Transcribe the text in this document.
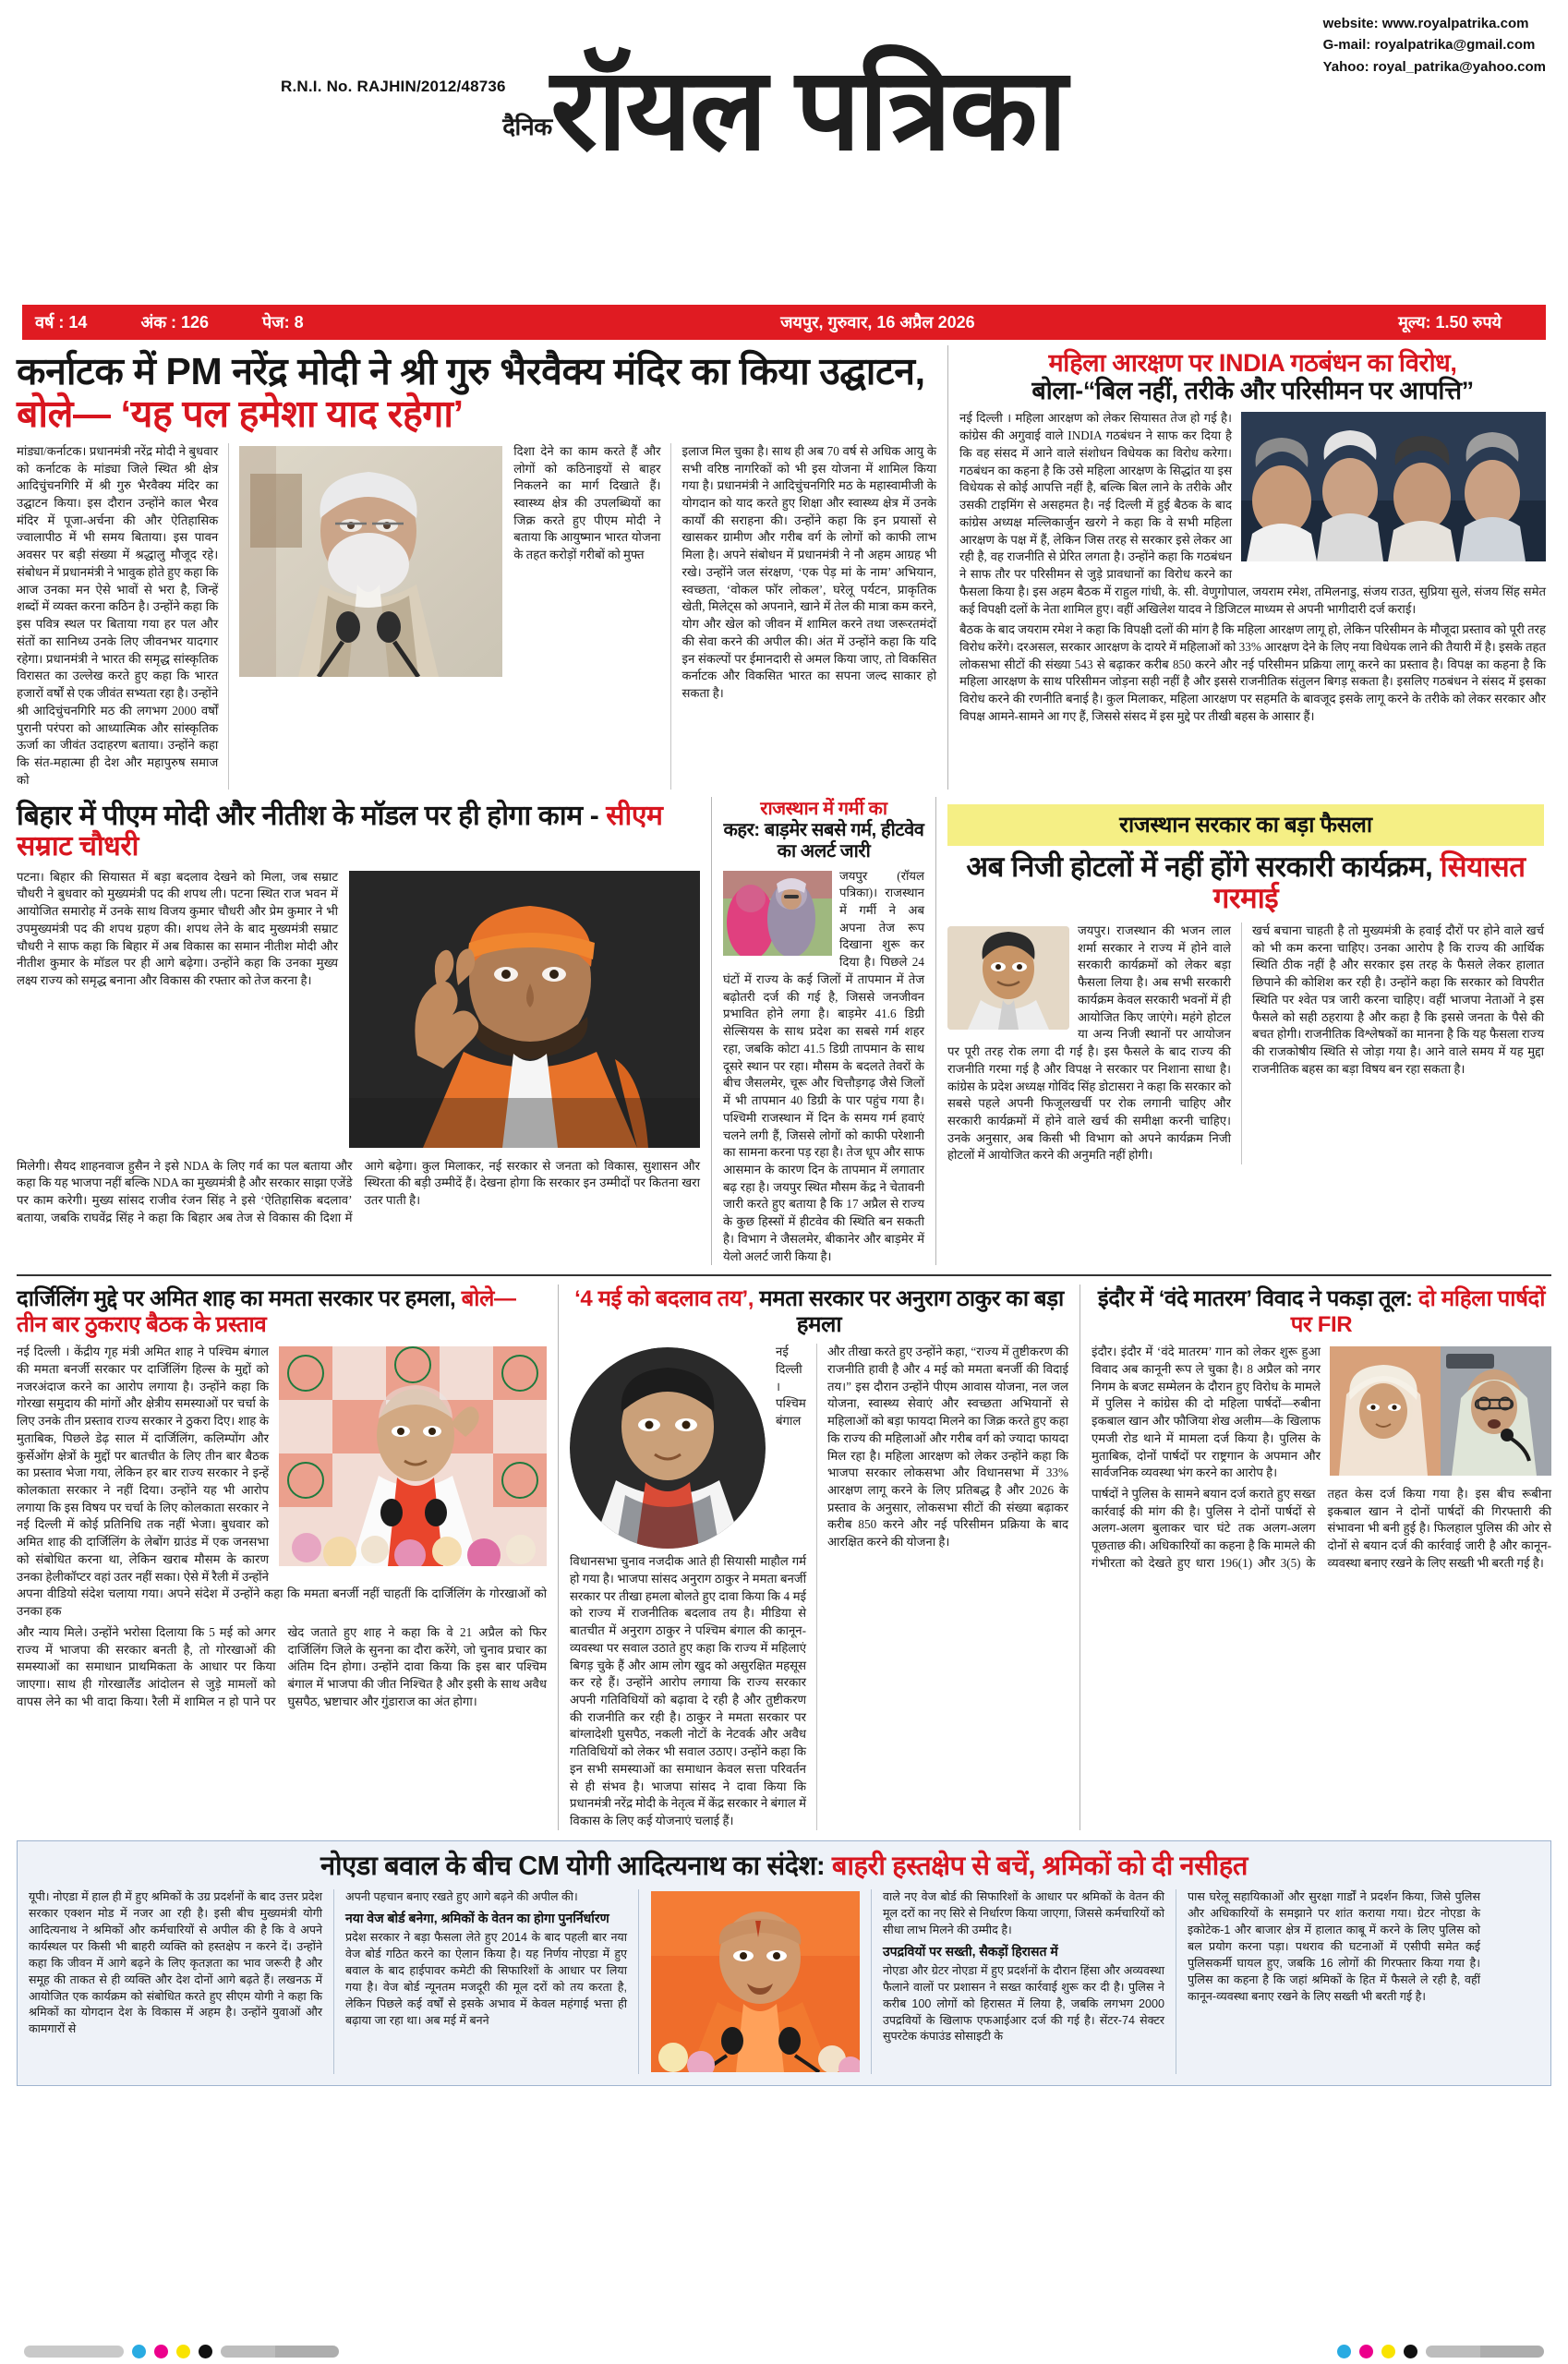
website: www.royalpatrika.com
G-mail: royalpatrika@gmail.com
Yahoo: royal_patrika@yahoo.com
R.N.I. No. RAJHIN/2012/48736
दैनिक रॉयल पत्रिका
वर्ष : 14	अंक : 126	पेज: 8	जयपुर, गुरुवार, 16 अप्रैल 2026	मूल्य: 1.50 रुपये
कर्नाटक में PM नरेंद्र मोदी ने श्री गुरु भैरवैक्य मंदिर का किया उद्घाटन, बोले— ‘यह पल हमेशा याद रहेगा’
मांड्या/कर्नाटक। प्रधानमंत्री नरेंद्र मोदी ने बुधवार को कर्नाटक के मांड्या जिले स्थित श्री क्षेत्र आदिचुंचनगिरि में श्री गुरु भैरवैक्य मंदिर का उद्घाटन किया। इस दौरान उन्होंने काल भैरव मंदिर में पूजा-अर्चना की और ऐतिहासिक ज्वालापीठ में भी समय बिताया। इस पावन अवसर पर बड़ी संख्या में श्रद्धालु मौजूद रहे। संबोधन में प्रधानमंत्री ने भावुक होते हुए कहा कि आज उनका मन ऐसे भावों से भरा है, जिन्हें शब्दों में व्यक्त करना कठिन है। उन्होंने कहा कि इस पवित्र स्थल पर बिताया गया हर पल और संतों का सानिध्य उनके लिए जीवनभर यादगार रहेगा। प्रधानमंत्री ने भारत की समृद्ध सांस्कृतिक विरासत का उल्लेख करते हुए कहा कि भारत हजारों वर्षों से एक जीवंत सभ्यता रहा है। उन्होंने श्री आदिचुंचनगिरि मठ की लगभग 2000 वर्षों पुरानी परंपरा को आध्यात्मिक और सांस्कृतिक ऊर्जा का जीवंत उदाहरण बताया। उन्होंने कहा कि संत-महात्मा ही देश और महापुरुष समाज को
दिशा देने का काम करते हैं और लोगों को कठिनाइयों से बाहर निकलने का मार्ग दिखाते हैं। स्वास्थ्य क्षेत्र की उपलब्धियों का जिक्र करते हुए पीएम मोदी ने बताया कि आयुष्मान भारत योजना के तहत करोड़ों गरीबों को मुफ्त
इलाज मिल चुका है। साथ ही अब 70 वर्ष से अधिक आयु के सभी वरिष्ठ नागरिकों को भी इस योजना में शामिल किया गया है। प्रधानमंत्री ने आदिचुंचनगिरि मठ के महास्वामीजी के योगदान को याद करते हुए शिक्षा और स्वास्थ्य क्षेत्र में उनके कार्यों की सराहना की। उन्होंने कहा कि इन प्रयासों से खासकर ग्रामीण और गरीब वर्ग के लोगों को काफी लाभ मिला है। अपने संबोधन में प्रधानमंत्री ने नौ अहम आग्रह भी रखे। उन्होंने जल संरक्षण, ‘एक पेड़ मां के नाम’ अभियान, स्वच्छता, ‘वोकल फॉर लोकल’, घरेलू पर्यटन, प्राकृतिक खेती, मिलेट्स को अपनाने, खाने में तेल की मात्रा कम करने, योग और खेल को जीवन में शामिल करने तथा जरूरतमंदों की सेवा करने की अपील की। अंत में उन्होंने कहा कि यदि इन संकल्पों पर ईमानदारी से अमल किया जाए, तो विकसित कर्नाटक और विकसित भारत का सपना जल्द साकार हो सकता है।
महिला आरक्षण पर INDIA गठबंधन का विरोध,
बोला-“बिल नहीं, तरीके और परिसीमन पर आपत्ति”
नई दिल्ली । महिला आरक्षण को लेकर सियासत तेज हो गई है। कांग्रेस की अगुवाई वाले INDIA गठबंधन ने साफ कर दिया है कि वह संसद में आने वाले संशोधन विधेयक का विरोध करेगा। गठबंधन का कहना है कि उसे महिला आरक्षण के सिद्धांत या इस विधेयक से कोई आपत्ति नहीं है, बल्कि बिल लाने के तरीके और उसकी टाइमिंग से असहमत है। नई दिल्ली में हुई बैठक के बाद कांग्रेस अध्यक्ष मल्लिकार्जुन खरगे ने कहा कि वे सभी महिला आरक्षण के पक्ष में हैं, लेकिन जिस तरह से सरकार इसे लेकर आ रही है, वह राजनीति से प्रेरित लगता है। उन्होंने कहा कि गठबंधन ने साफ तौर पर परिसीमन से जुड़े प्रावधानों का विरोध करने का फैसला किया है। इस अहम बैठक में राहुल गांधी, के. सी. वेणुगोपाल, जयराम रमेश, तमिलनाडु, संजय राउत, सुप्रिया सुले, संजय सिंह समेत कई विपक्षी दलों के नेता शामिल हुए। वहीं अखिलेश यादव ने डिजिटल माध्यम से अपनी भागीदारी दर्ज कराई।
बैठक के बाद जयराम रमेश ने कहा कि विपक्षी दलों की मांग है कि महिला आरक्षण लागू हो, लेकिन परिसीमन के मौजूदा प्रस्ताव को पूरी तरह विरोध करेंगे। दरअसल, सरकार आरक्षण के दायरे में महिलाओं को 33% आरक्षण देने के लिए नया विधेयक लाने की तैयारी में है। इसके तहत लोकसभा सीटों की संख्या 543 से बढ़ाकर करीब 850 करने और नई परिसीमन प्रक्रिया लागू करने का प्रस्ताव है। विपक्ष का कहना है कि महिला आरक्षण के साथ परिसीमन जोड़ना सही नहीं है और इससे राजनीतिक संतुलन बिगड़ सकता है। इसलिए गठबंधन ने संसद में इसका विरोध करने की रणनीति बनाई है। कुल मिलाकर, महिला आरक्षण पर सहमति के बावजूद इसके लागू करने के तरीके को लेकर सरकार और विपक्ष आमने-सामने आ गए हैं, जिससे संसद में इस मुद्दे पर तीखी बहस के आसार हैं।
बिहार में पीएम मोदी और नीतीश के मॉडल पर ही होगा काम - सीएम सम्राट चौधरी
पटना। बिहार की सियासत में बड़ा बदलाव देखने को मिला, जब सम्राट चौधरी ने बुधवार को मुख्यमंत्री पद की शपथ ली। पटना स्थित राज भवन में आयोजित समारोह में उनके साथ विजय कुमार चौधरी और प्रेम कुमार ने भी उपमुख्यमंत्री पद की शपथ ग्रहण की। शपथ लेने के बाद मुख्यमंत्री सम्राट चौधरी ने साफ कहा कि बिहार में अब विकास का समान नीतीश मोदी और नीतीश कुमार के मॉडल पर ही आगे बढ़ेगा। उन्होंने कहा कि उनका मुख्य लक्ष्य राज्य को समृद्ध बनाना और विकास की रफ्तार को तेज करना है।
मिलेगी। सैयद शाहनवाज हुसैन ने इसे NDA के लिए गर्व का पल बताया और कहा कि यह भाजपा नहीं बल्कि NDA का मुख्यमंत्री है और सरकार साझा एजेंडे पर काम करेगी। मुख्य सांसद राजीव रंजन सिंह ने इसे ‘ऐतिहासिक बदलाव’ बताया, जबकि राघवेंद्र सिंह ने कहा कि बिहार अब तेज से विकास की दिशा में आगे बढ़ेगा। कुल मिलाकर, नई सरकार से जनता को विकास, सुशासन और स्थिरता की बड़ी उम्मीदें हैं। देखना होगा कि सरकार इन उम्मीदों पर कितना खरा उतर पाती है।
राजस्थान में गर्मी का
कहर: बाड़मेर सबसे गर्म, हीटवेव का अलर्ट जारी
जयपुर (रॉयल पत्रिका)। राजस्थान में गर्मी ने अब अपना तेज रूप दिखाना शुरू कर दिया है। पिछले 24 घंटों में राज्य के कई जिलों में तापमान में तेज बढ़ोतरी दर्ज की गई है, जिससे जनजीवन प्रभावित होने लगा है। बाड़मेर 41.6 डिग्री सेल्सियस के साथ प्रदेश का सबसे गर्म शहर रहा, जबकि कोटा 41.5 डिग्री तापमान के साथ दूसरे स्थान पर रहा। मौसम के बदलते तेवरों के बीच जैसलमेर, चूरू और चित्तौड़गढ़ जैसे जिलों में भी तापमान 40 डिग्री के पार पहुंच गया है। पश्चिमी राजस्थान में दिन के समय गर्म हवाएं चलने लगी हैं, जिससे लोगों को काफी परेशानी का सामना करना पड़ रहा है। तेज धूप और साफ आसमान के कारण दिन के तापमान में लगातार बढ़ रहा है। जयपुर स्थित मौसम केंद्र ने चेतावनी जारी करते हुए बताया है कि 17 अप्रैल से राज्य के कुछ हिस्सों में हीटवेव की स्थिति बन सकती है। विभाग ने जैसलमेर, बीकानेर और बाड़मेर में येलो अलर्ट जारी किया है।
राजस्थान सरकार का बड़ा फैसला
अब निजी होटलों में नहीं होंगे सरकारी कार्यक्रम, सियासत गरमाई
जयपुर। राजस्थान की भजन लाल शर्मा सरकार ने राज्य में होने वाले सरकारी कार्यक्रमों को लेकर बड़ा फैसला लिया है। अब सभी सरकारी कार्यक्रम केवल सरकारी भवनों में ही आयोजित किए जाएंगे। महंगे होटल या अन्य निजी स्थानों पर आयोजन पर पूरी तरह रोक लगा दी गई है। इस फैसले के बाद राज्य की राजनीति गरमा गई है और विपक्ष ने सरकार पर निशाना साधा है। कांग्रेस के प्रदेश अध्यक्ष गोविंद सिंह डोटासरा ने कहा कि सरकार को सबसे पहले अपनी फिजूलखर्ची पर रोक लगानी चाहिए और सरकारी कार्यक्रमों में होने वाले खर्च की समीक्षा करनी चाहिए। उनके अनुसार, अब किसी भी विभाग को अपने कार्यक्रम निजी होटलों में आयोजित करने की अनुमति नहीं होगी।
खर्च बचाना चाहती है तो मुख्यमंत्री के हवाई दौरों पर होने वाले खर्च को भी कम करना चाहिए। उनका आरोप है कि राज्य की आर्थिक स्थिति ठीक नहीं है और सरकार इस तरह के फैसले लेकर हालात छिपाने की कोशिश कर रही है। उन्होंने कहा कि सरकार को विपरीत स्थिति पर श्वेत पत्र जारी करना चाहिए। वहीं भाजपा नेताओं ने इस फैसले को सही ठहराया है और कहा है कि इससे जनता के पैसे की बचत होगी। राजनीतिक विश्लेषकों का मानना है कि यह फैसला राज्य की राजकोषीय स्थिति से जोड़ा गया है। आने वाले समय में यह मुद्दा राजनीतिक बहस का बड़ा विषय बन रहा सकता है।
दार्जिलिंग मुद्दे पर अमित शाह का ममता सरकार पर हमला, बोले— तीन बार ठुकराए बैठक के प्रस्ताव
नई दिल्ली । केंद्रीय गृह मंत्री अमित शाह ने पश्चिम बंगाल की ममता बनर्जी सरकार पर दार्जिलिंग हिल्स के मुद्दों को नजरअंदाज करने का आरोप लगाया है। उन्होंने कहा कि गोरखा समुदाय की मांगों और क्षेत्रीय समस्याओं पर चर्चा के लिए उनके तीन प्रस्ताव राज्य सरकार ने ठुकरा दिए। शाह के मुताबिक, पिछले डेढ़ साल में दार्जिलिंग, कलिम्पोंग और कुर्सेओंग क्षेत्रों के मुद्दों पर बातचीत के लिए तीन बार बैठक का प्रस्ताव भेजा गया, लेकिन हर बार राज्य सरकार ने इन्हें कोलकाता सरकार ने नहीं दिया। उन्होंने यह भी आरोप लगाया कि इस विषय पर चर्चा के लिए कोलकाता सरकार ने नई दिल्ली में कोई प्रतिनिधि तक नहीं भेजा। बुधवार को अमित शाह की दार्जिलिंग के लेबोंग ग्राउंड में एक जनसभा को संबोधित करना था, लेकिन खराब मौसम के कारण उनका हेलीकॉप्टर वहां उतर नहीं सका। ऐसे में रैली में उन्होंने अपना वीडियो संदेश चलाया गया। अपने संदेश में उन्होंने कहा कि ममता बनर्जी नहीं चाहतीं कि दार्जिलिंग के गोरखाओं को उनका हक
और न्याय मिले। उन्होंने भरोसा दिलाया कि 5 मई को अगर राज्य में भाजपा की सरकार बनती है, तो गोरखाओं की समस्याओं का समाधान प्राथमिकता के आधार पर किया जाएगा। साथ ही गोरखालैंड आंदोलन से जुड़े मामलों को वापस लेने का भी वादा किया। रैली में शामिल न हो पाने पर खेद जताते हुए शाह ने कहा कि वे 21 अप्रैल को फिर दार्जिलिंग जिले के सुनना का दौरा करेंगे, जो चुनाव प्रचार का अंतिम दिन होगा। उन्होंने दावा किया कि इस बार पश्चिम बंगाल में भाजपा की जीत निश्चित है और इसी के साथ अवैध घुसपैठ, भ्रष्टाचार और गुंडाराज का अंत होगा।
‘4 मई को बदलाव तय’, ममता सरकार पर अनुराग ठाकुर का बड़ा हमला
नई दिल्ली । पश्चिम बंगाल विधानसभा चुनाव नजदीक आते ही सियासी माहौल गर्म हो गया है। भाजपा सांसद अनुराग ठाकुर ने ममता बनर्जी सरकार पर तीखा हमला बोलते हुए दावा किया कि 4 मई को राज्य में राजनीतिक बदलाव तय है। मीडिया से बातचीत में अनुराग ठाकुर ने पश्चिम बंगाल की कानून-व्यवस्था पर सवाल उठाते हुए कहा कि राज्य में महिलाएं बिगड़ चुके हैं और आम लोग खुद को असुरक्षित महसूस कर रहे हैं। उन्होंने आरोप लगाया कि राज्य सरकार अपनी गतिविधियों को बढ़ावा दे रही है और तुष्टीकरण की राजनीति कर रही है। ठाकुर ने ममता सरकार पर बांग्लादेशी घुसपैठ, नकली नोटों के नेटवर्क और अवैध गतिविधियों को लेकर भी सवाल उठाए। उन्होंने कहा कि इन सभी समस्याओं का समाधान केवल सत्ता परिवर्तन से ही संभव है। भाजपा सांसद ने दावा किया कि प्रधानमंत्री नरेंद्र मोदी के नेतृत्व में केंद्र सरकार ने बंगाल में विकास के लिए कई योजनाएं चलाई हैं।
और तीखा करते हुए उन्होंने कहा, “राज्य में तुष्टीकरण की राजनीति हावी है और 4 मई को ममता बनर्जी की विदाई तय।” इस दौरान उन्होंने पीएम आवास योजना, नल जल योजना, स्वास्थ्य सेवाएं और स्वच्छता अभियानों से महिलाओं को बड़ा फायदा मिलने का जिक्र करते हुए कहा कि राज्य की महिलाओं और गरीब वर्ग को ज्यादा फायदा मिल रहा है। महिला आरक्षण को लेकर उन्होंने कहा कि भाजपा सरकार लोकसभा और विधानसभा में 33% आरक्षण लागू करने के लिए प्रतिबद्ध है और 2026 के प्रस्ताव के अनुसार, लोकसभा सीटों की संख्या बढ़ाकर करीब 850 करने और नई परिसीमन प्रक्रिया के बाद आरक्षित करने की योजना है।
इंदौर में ‘वंदे मातरम’ विवाद ने पकड़ा तूल: दो महिला पार्षदों पर FIR
इंदौर। इंदौर में ‘वंदे मातरम’ गान को लेकर शुरू हुआ विवाद अब कानूनी रूप ले चुका है। 8 अप्रैल को नगर निगम के बजट सम्मेलन के दौरान हुए विरोध के मामले में पुलिस ने कांग्रेस की दो महिला पार्षदों—रुबीना इकबाल खान और फौजिया शेख अलीम—के खिलाफ एमजी रोड थाने में मामला दर्ज किया है। पुलिस के मुताबिक, दोनों पार्षदों पर राष्ट्रगान के अपमान और सार्वजनिक व्यवस्था भंग करने का आरोप है।
पार्षदों ने पुलिस के सामने बयान दर्ज कराते हुए सख्त कार्रवाई की मांग की है। पुलिस ने दोनों पार्षदों से अलग-अलग बुलाकर चार घंटे तक अलग-अलग पूछताछ की। अधिकारियों का कहना है कि मामले की गंभीरता को देखते हुए धारा 196(1) और 3(5) के तहत केस दर्ज किया गया है। इस बीच रूबीना इकबाल खान ने दोनों पार्षदों की गिरफ्तारी की संभावना भी बनी हुई है। फिलहाल पुलिस की ओर से दोनों से बयान दर्ज की कार्रवाई जारी है और कानून-व्यवस्था बनाए रखने के लिए सख्ती भी बरती गई है।
नोएडा बवाल के बीच CM योगी आदित्यनाथ का संदेश: बाहरी हस्तक्षेप से बचें, श्रमिकों को दी नसीहत
यूपी। नोएडा में हाल ही में हुए श्रमिकों के उग्र प्रदर्शनों के बाद उत्तर प्रदेश सरकार एक्शन मोड में नजर आ रही है। इसी बीच मुख्यमंत्री योगी आदित्यनाथ ने श्रमिकों और कर्मचारियों से अपील की है कि वे अपने कार्यस्थल पर किसी भी बाहरी व्यक्ति को हस्तक्षेप न करने दें। उन्होंने कहा कि जीवन में आगे बढ़ने के लिए कृतज्ञता का भाव जरूरी है और समूह की ताकत से ही व्यक्ति और देश दोनों आगे बढ़ते हैं। लखनऊ में आयोजित एक कार्यक्रम को संबोधित करते हुए सीएम योगी ने कहा कि श्रमिकों का योगदान देश के विकास में अहम है। उन्होंने युवाओं और कामगारों से
अपनी पहचान बनाए रखते हुए आगे बढ़ने की अपील की।
नया वेज बोर्ड बनेगा, श्रमिकों के वेतन का होगा पुनर्निर्धारण
प्रदेश सरकार ने बड़ा फैसला लेते हुए 2014 के बाद पहली बार नया वेज बोर्ड गठित करने का ऐलान किया है। यह निर्णय नोएडा में हुए बवाल के बाद हाईपावर कमेटी की सिफारिशों के आधार पर लिया गया है। वेज बोर्ड न्यूनतम मजदूरी की मूल दरों को तय करता है, लेकिन पिछले कई वर्षों से इसके अभाव में केवल महंगाई भत्ता ही बढ़ाया जा रहा था। अब मई में बनने
वाले नए वेज बोर्ड की सिफारिशों के आधार पर श्रमिकों के वेतन की मूल दरों का नए सिरे से निर्धारण किया जाएगा, जिससे कर्मचारियों को सीधा लाभ मिलने की उम्मीद है।
उपद्रवियों पर सख्ती, सैकड़ों हिरासत में
नोएडा और ग्रेटर नोएडा में हुए प्रदर्शनों के दौरान हिंसा और अव्यवस्था फैलाने वालों पर प्रशासन ने सख्त कार्रवाई शुरू कर दी है। पुलिस ने करीब 100 लोगों को हिरासत में लिया है, जबकि लगभग 2000 उपद्रवियों के खिलाफ एफआईआर दर्ज की गई है। सेंटर-74 सेक्टर सुपरटेक कंपाउंड सोसाइटी के
पास घरेलू सहायिकाओं और सुरक्षा गार्डों ने प्रदर्शन किया, जिसे पुलिस और अधिकारियों के समझाने पर शांत कराया गया। ग्रेटर नोएडा के इकोटेक-1 और बाजार क्षेत्र में हालात काबू में करने के लिए पुलिस को बल प्रयोग करना पड़ा। पथराव की घटनाओं में एसीपी समेत कई पुलिसकर्मी घायल हुए, जबकि 16 लोगों की गिरफ्तार किया गया है। पुलिस का कहना है कि जहां श्रमिकों के हित में फैसले ले रही है, वहीं कानून-व्यवस्था बनाए रखने के लिए सख्ती भी बरती गई है।
